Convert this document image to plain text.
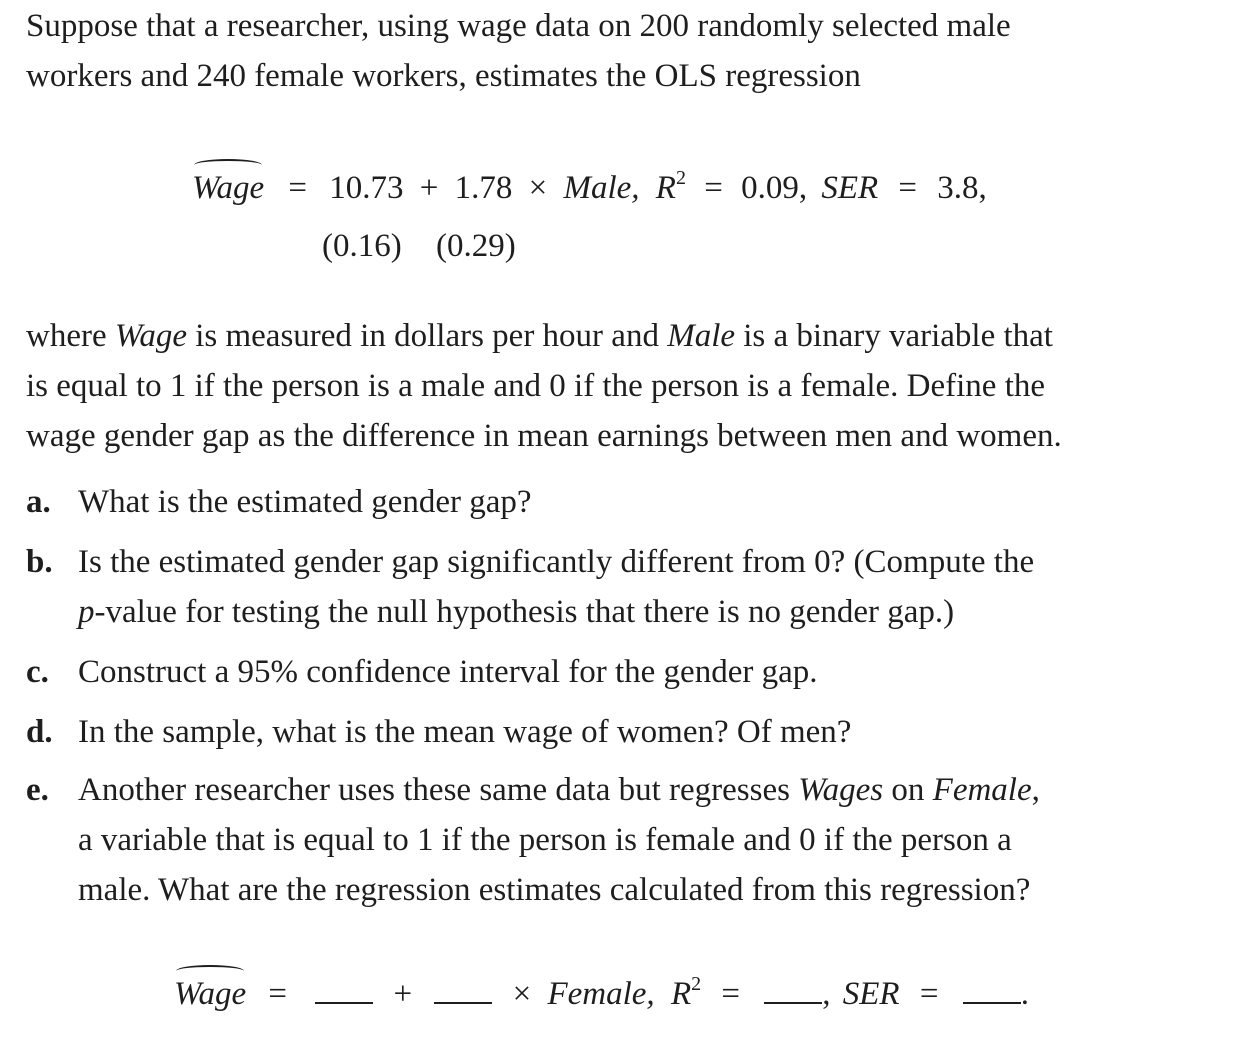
Suppose that a researcher, using wage data on 200 randomly selected male
workers and 240 female workers, estimates the OLS regression
Wage = 10.73 + 1.78 × Male, $R^2 = 0.09$, SER = 3.8,
(0.16) (0.29)
where Wage is measured in dollars per hour and Male is a binary variable that
is equal to 1 if the person is a male and 0 if the person is a female. Define the
wage gender gap as the difference in mean earnings between men and women.
a. What is the estimated gender gap?
b. Is the estimated gender gap significantly different from 0? (Compute the
p-value for testing the null hypothesis that there is no gender gap.)
c. Construct a 95% confidence interval for the gender gap.
d. In the sample, what is the mean wage of women? Of men?
e. Another researcher uses these same data but regresses Wages on Female,
a variable that is equal to 1 if the person is female and 0 if the person a
male. What are the regression estimates calculated from this regression?
Wage =	+	× Female, $R^2$ = , SER = .
